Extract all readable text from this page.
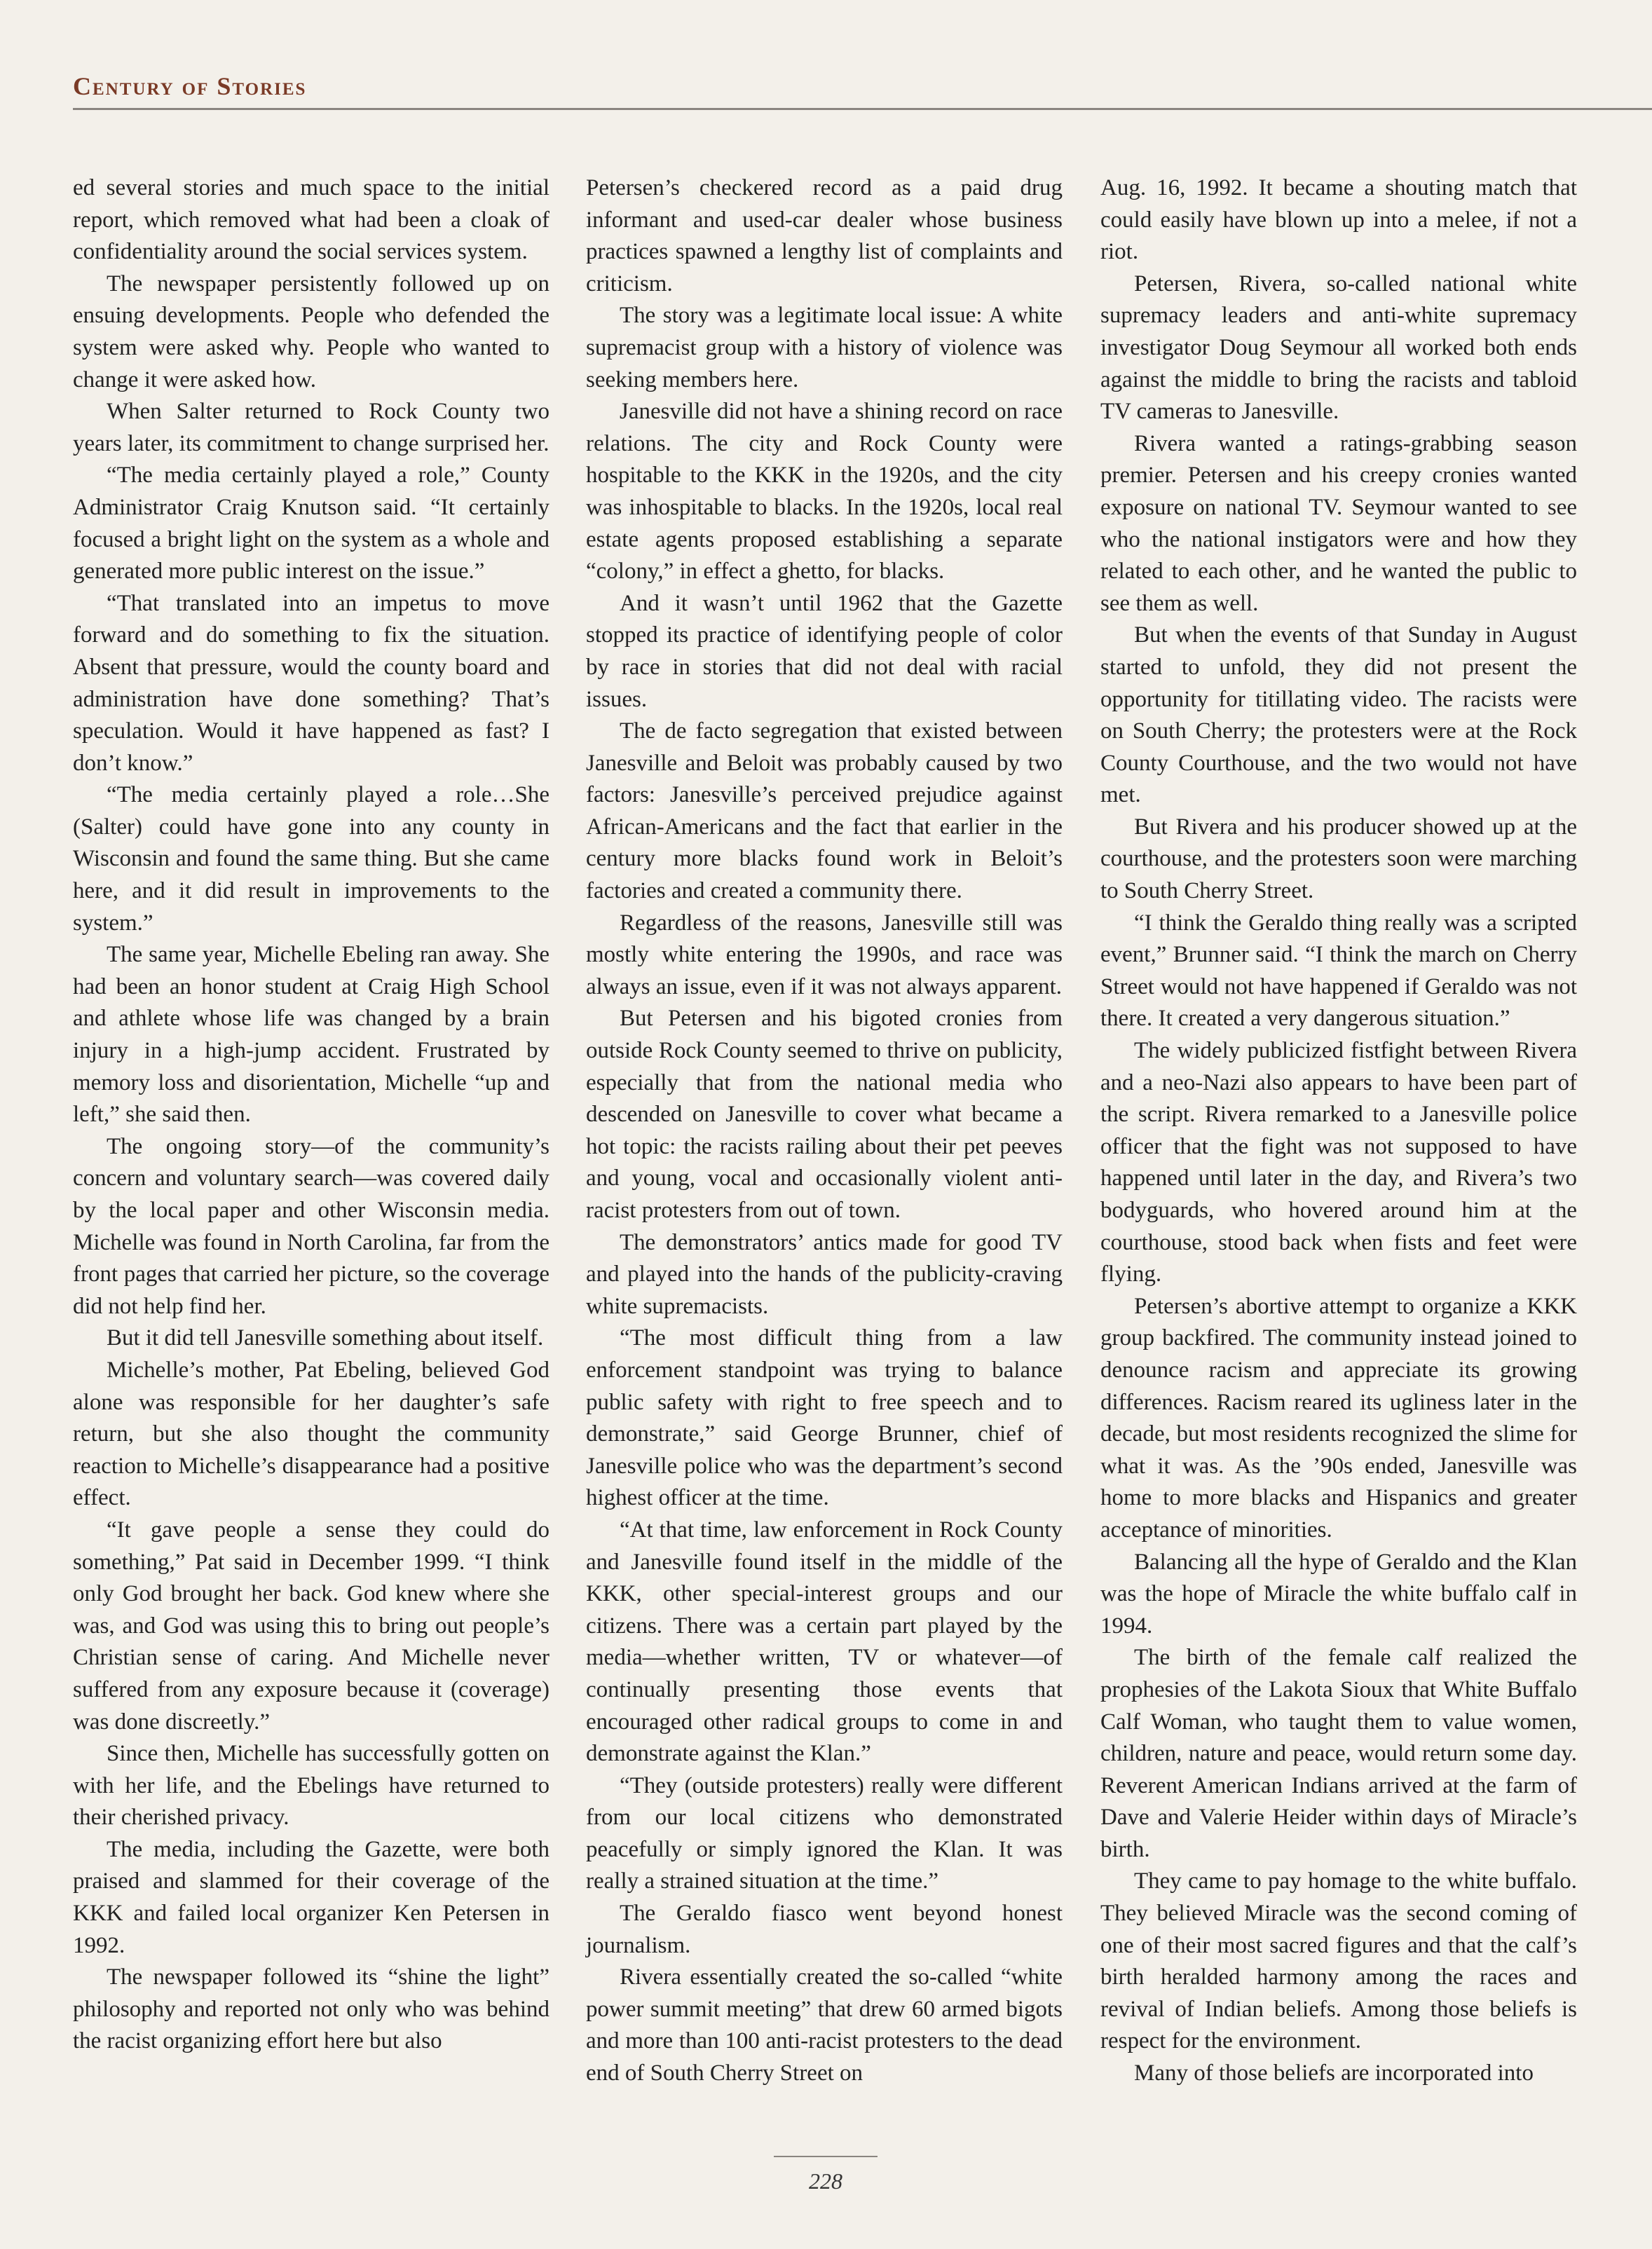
Century of Stories

ed several stories and much space to the initial report, which removed what had been a cloak of confidentiality around the social services system.

The newspaper persistently followed up on ensuing developments. People who defended the system were asked why. People who wanted to change it were asked how.

When Salter returned to Rock County two years later, its commitment to change surprised her.

“The media certainly played a role,” County Administrator Craig Knutson said. “It certainly focused a bright light on the system as a whole and generated more public interest on the issue.”

“That translated into an impetus to move forward and do something to fix the situation. Absent that pressure, would the county board and administration have done something? That’s speculation. Would it have happened as fast? I don’t know.”

“The media certainly played a role…She (Salter) could have gone into any county in Wisconsin and found the same thing. But she came here, and it did result in improvements to the system.”

The same year, Michelle Ebeling ran away. She had been an honor student at Craig High School and athlete whose life was changed by a brain injury in a high-jump accident. Frustrated by memory loss and disorientation, Michelle “up and left,” she said then.

The ongoing story—of the community’s concern and voluntary search—was covered daily by the local paper and other Wisconsin media. Michelle was found in North Carolina, far from the front pages that carried her picture, so the coverage did not help find her.

But it did tell Janesville something about itself.

Michelle’s mother, Pat Ebeling, believed God alone was responsible for her daughter’s safe return, but she also thought the community reaction to Michelle’s disappearance had a positive effect.

“It gave people a sense they could do something,” Pat said in December 1999. “I think only God brought her back. God knew where she was, and God was using this to bring out people’s Christian sense of caring. And Michelle never suffered from any exposure because it (coverage) was done discreetly.”

Since then, Michelle has successfully gotten on with her life, and the Ebelings have returned to their cherished privacy.

The media, including the Gazette, were both praised and slammed for their coverage of the KKK and failed local organizer Ken Petersen in 1992.

The newspaper followed its “shine the light” philosophy and reported not only who was behind the racist organizing effort here but also

Petersen’s checkered record as a paid drug informant and used-car dealer whose business practices spawned a lengthy list of complaints and criticism.

The story was a legitimate local issue: A white supremacist group with a history of violence was seeking members here.

Janesville did not have a shining record on race relations. The city and Rock County were hospitable to the KKK in the 1920s, and the city was inhospitable to blacks. In the 1920s, local real estate agents proposed establishing a separate “colony,” in effect a ghetto, for blacks.

And it wasn’t until 1962 that the Gazette stopped its practice of identifying people of color by race in stories that did not deal with racial issues.

The de facto segregation that existed between Janesville and Beloit was probably caused by two factors: Janesville’s perceived prejudice against African-Americans and the fact that earlier in the century more blacks found work in Beloit’s factories and created a community there.

Regardless of the reasons, Janesville still was mostly white entering the 1990s, and race was always an issue, even if it was not always apparent.

But Petersen and his bigoted cronies from outside Rock County seemed to thrive on publicity, especially that from the national media who descended on Janesville to cover what became a hot topic: the racists railing about their pet peeves and young, vocal and occasionally violent anti-racist protesters from out of town.

The demonstrators’ antics made for good TV and played into the hands of the publicity-craving white supremacists.

“The most difficult thing from a law enforcement standpoint was trying to balance public safety with right to free speech and to demonstrate,” said George Brunner, chief of Janesville police who was the department’s second highest officer at the time.

“At that time, law enforcement in Rock County and Janesville found itself in the middle of the KKK, other special-interest groups and our citizens. There was a certain part played by the media—whether written, TV or whatever—of continually presenting those events that encouraged other radical groups to come in and demonstrate against the Klan.”

“They (outside protesters) really were different from our local citizens who demonstrated peacefully or simply ignored the Klan. It was really a strained situation at the time.”

The Geraldo fiasco went beyond honest journalism.

Rivera essentially created the so-called “white power summit meeting” that drew 60 armed bigots and more than 100 anti-racist protesters to the dead end of South Cherry Street on

Aug. 16, 1992. It became a shouting match that could easily have blown up into a melee, if not a riot.

Petersen, Rivera, so-called national white supremacy leaders and anti-white supremacy investigator Doug Seymour all worked both ends against the middle to bring the racists and tabloid TV cameras to Janesville.

Rivera wanted a ratings-grabbing season premier. Petersen and his creepy cronies wanted exposure on national TV. Seymour wanted to see who the national instigators were and how they related to each other, and he wanted the public to see them as well.

But when the events of that Sunday in August started to unfold, they did not present the opportunity for titillating video. The racists were on South Cherry; the protesters were at the Rock County Courthouse, and the two would not have met.

But Rivera and his producer showed up at the courthouse, and the protesters soon were marching to South Cherry Street.

“I think the Geraldo thing really was a scripted event,” Brunner said. “I think the march on Cherry Street would not have happened if Geraldo was not there. It created a very dangerous situation.”

The widely publicized fistfight between Rivera and a neo-Nazi also appears to have been part of the script. Rivera remarked to a Janesville police officer that the fight was not supposed to have happened until later in the day, and Rivera’s two bodyguards, who hovered around him at the courthouse, stood back when fists and feet were flying.

Petersen’s abortive attempt to organize a KKK group backfired. The community instead joined to denounce racism and appreciate its growing differences. Racism reared its ugliness later in the decade, but most residents recognized the slime for what it was. As the ’90s ended, Janesville was home to more blacks and Hispanics and greater acceptance of minorities.

Balancing all the hype of Geraldo and the Klan was the hope of Miracle the white buffalo calf in 1994.

The birth of the female calf realized the prophesies of the Lakota Sioux that White Buffalo Calf Woman, who taught them to value women, children, nature and peace, would return some day. Reverent American Indians arrived at the farm of Dave and Valerie Heider within days of Miracle’s birth.

They came to pay homage to the white buffalo. They believed Miracle was the second coming of one of their most sacred figures and that the calf’s birth heralded harmony among the races and revival of Indian beliefs. Among those beliefs is respect for the environment.

Many of those beliefs are incorporated into

228
